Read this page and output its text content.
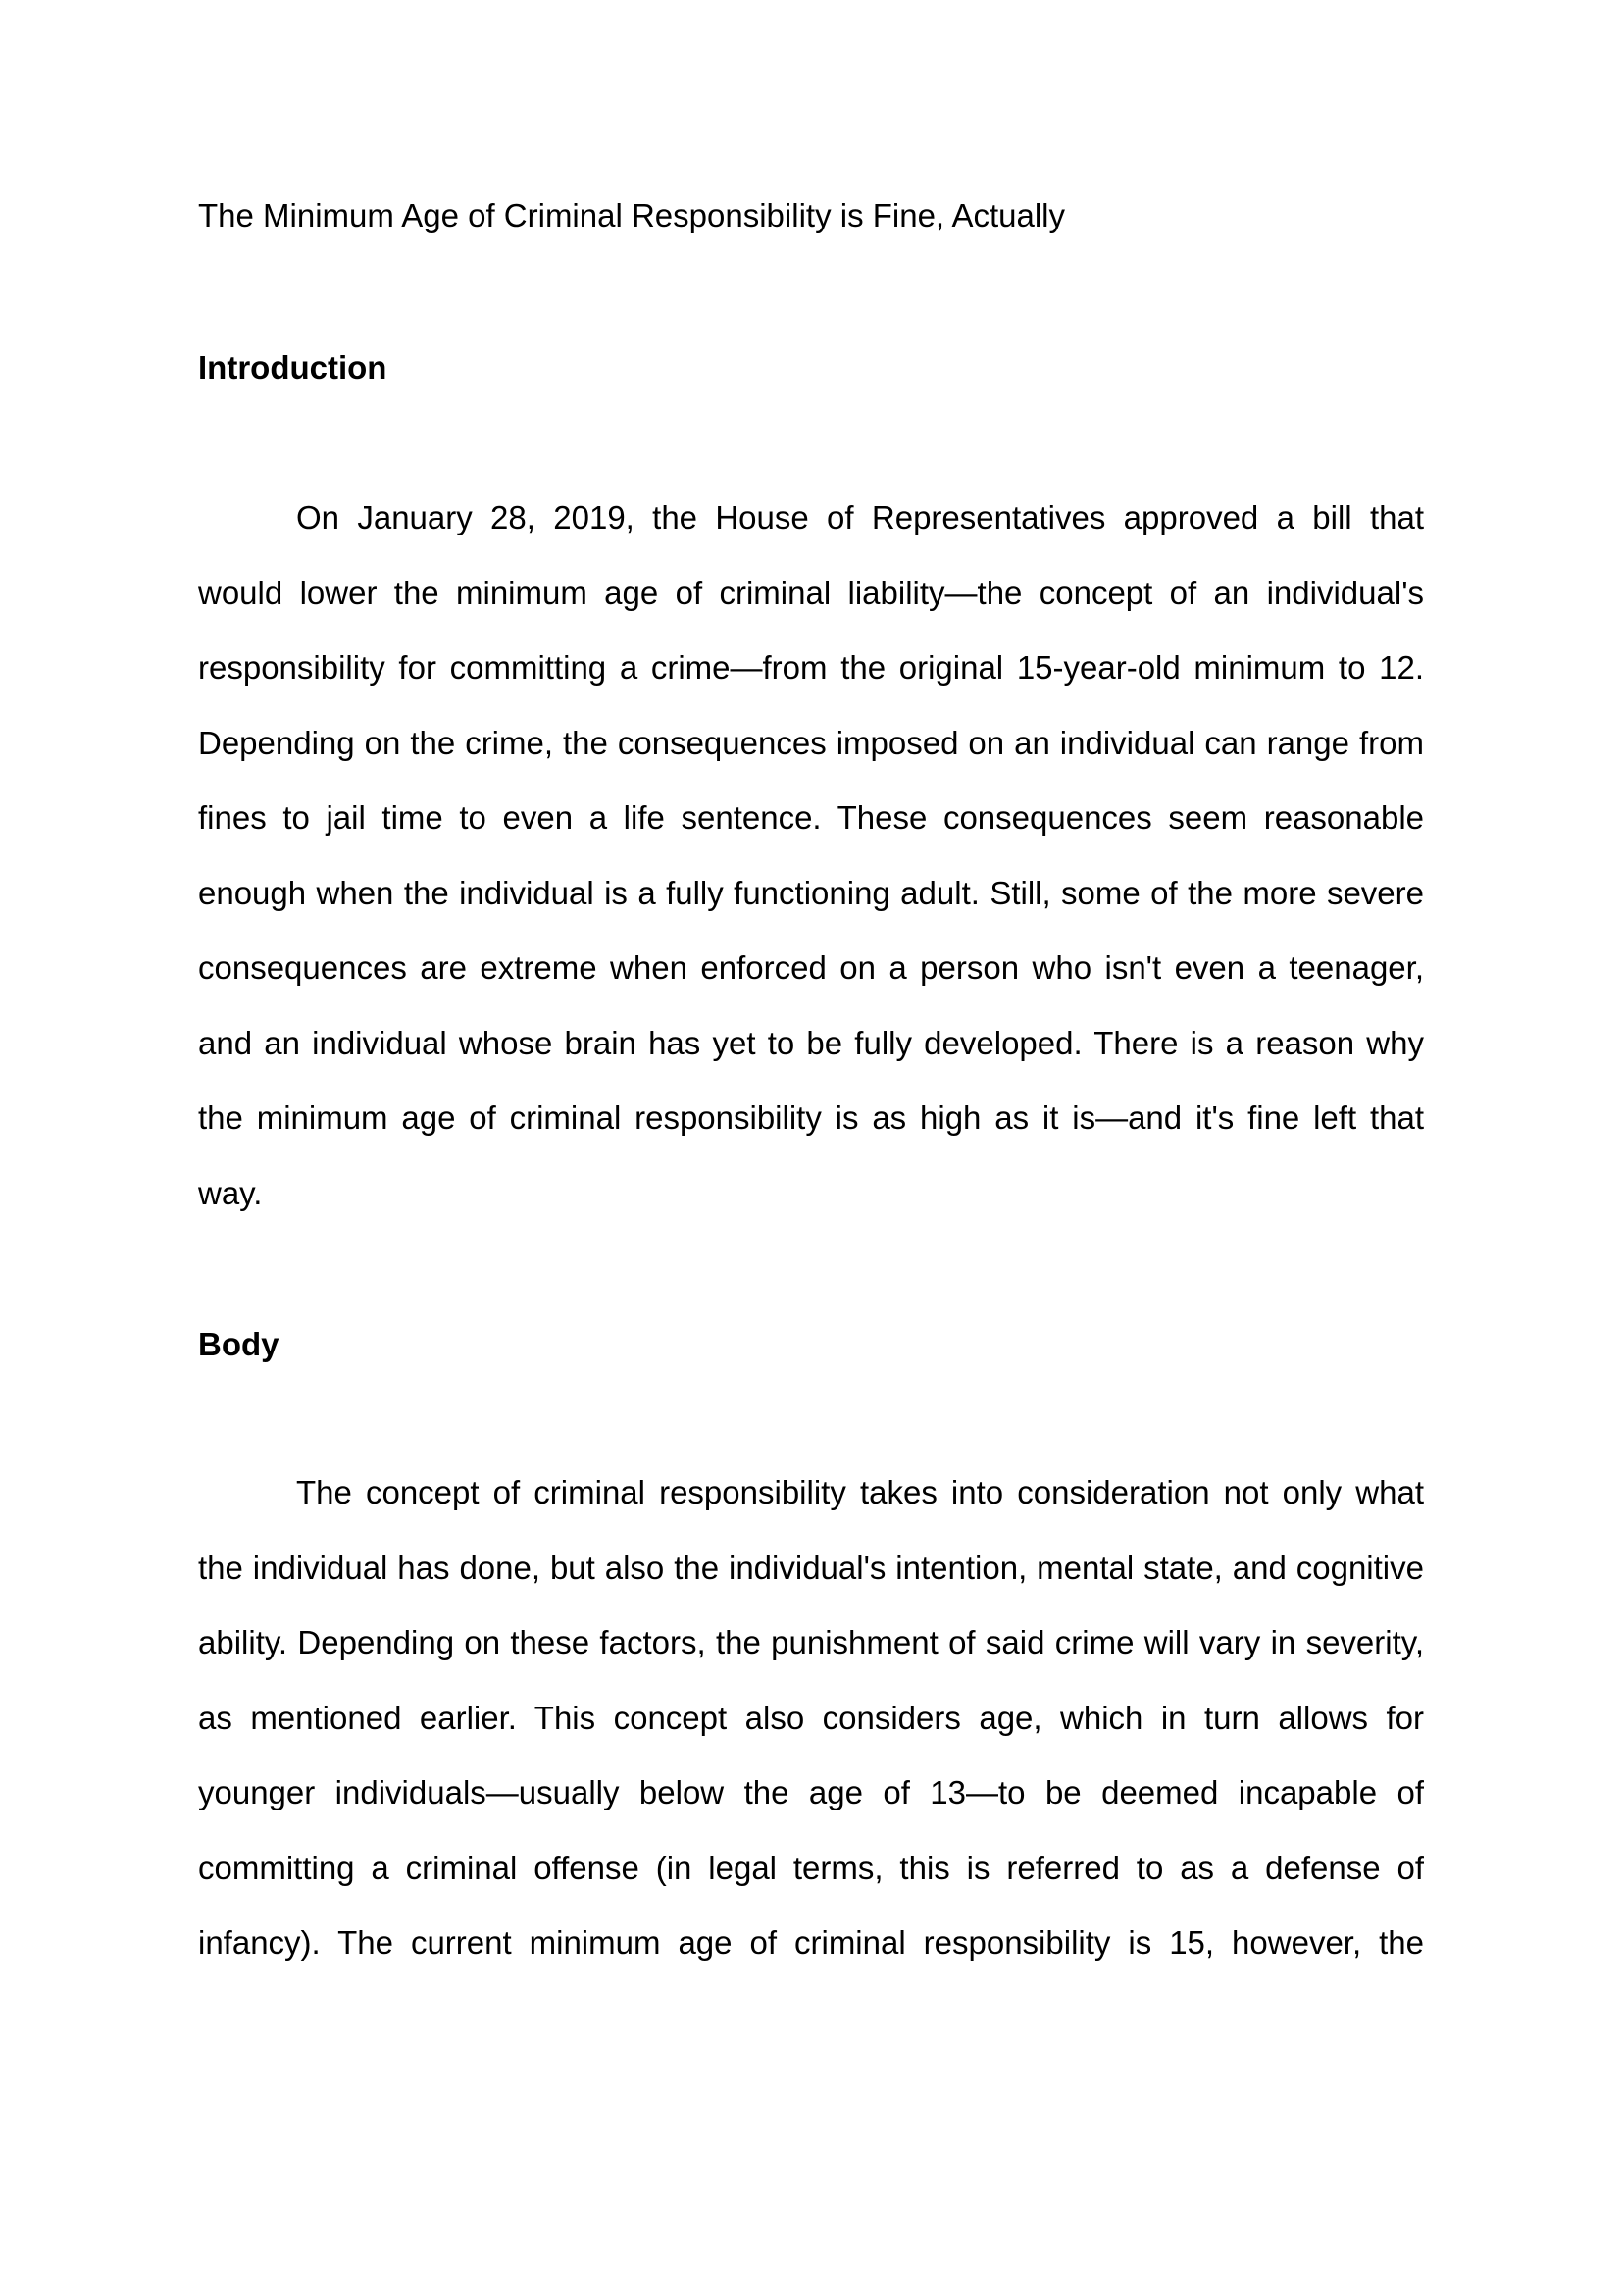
The Minimum Age of Criminal Responsibility is Fine, Actually
Introduction
On January 28, 2019, the House of Representatives approved a bill that
would lower the minimum age of criminal liability—the concept of an individual's
responsibility for committing a crime—from the original 15-year-old minimum to 12.
Depending on the crime, the consequences imposed on an individual can range from
fines to jail time to even a life sentence. These consequences seem reasonable
enough when the individual is a fully functioning adult. Still, some of the more severe
consequences are extreme when enforced on a person who isn't even a teenager,
and an individual whose brain has yet to be fully developed. There is a reason why
the minimum age of criminal responsibility is as high as it is—and it's fine left that
way.
Body
The concept of criminal responsibility takes into consideration not only what
the individual has done, but also the individual's intention, mental state, and cognitive
ability. Depending on these factors, the punishment of said crime will vary in severity,
as mentioned earlier. This concept also considers age, which in turn allows for
younger individuals—usually below the age of 13—to be deemed incapable of
committing a criminal offense (in legal terms, this is referred to as a defense of
infancy). The current minimum age of criminal responsibility is 15, however, the
